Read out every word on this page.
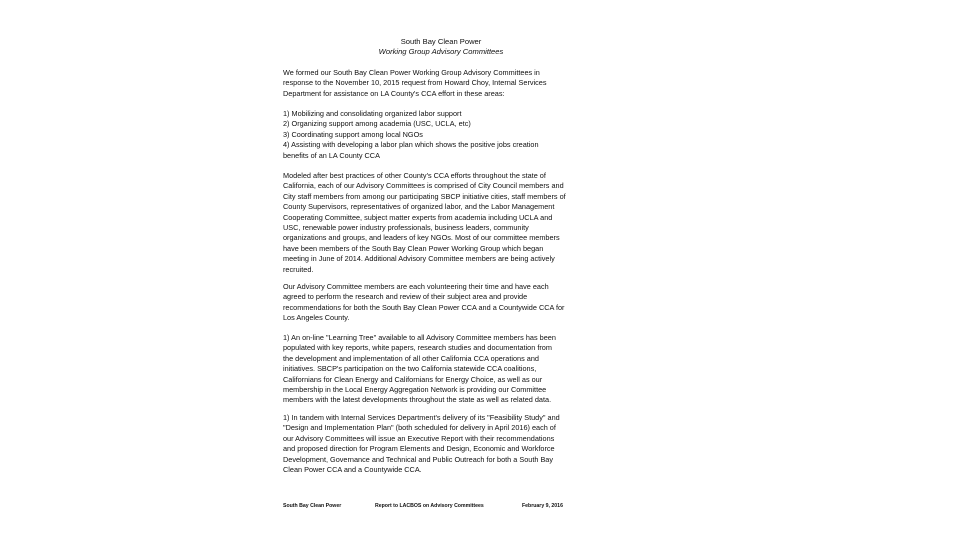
South Bay Clean Power

Working Group Advisory Committees

We formed our South Bay Clean Power Working Group Advisory Committees in
response to the November 10, 2015 request from Howard Choy, Internal Services
Department for assistance on LA County's CCA effort in these areas:
1) Mobilizing and consolidating organized labor support
2) Organizing support among academia (USC, UCLA, etc)
3) Coordinating support among local NGOs
4) Assisting with developing a labor plan which shows the positive jobs creation
benefits of an LA County CCA
Modeled after best practices of other County's CCA efforts throughout the state of
California, each of our Advisory Committees is comprised of City Council members and
City staff members from among our participating SBCP initiative cities, staff members of
County Supervisors, representatives of organized labor, and the Labor Management
Cooperating Committee, subject matter experts from academia including UCLA and
USC, renewable power industry professionals, business leaders, community
organizations and groups, and leaders of key NGOs. Most of our committee members
have been members of the South Bay Clean Power Working Group which began
meeting in June of 2014. Additional Advisory Committee members are being actively
recruited.
Our Advisory Committee members are each volunteering their time and have each
agreed to perform the research and review of their subject area and provide
recommendations for both the South Bay Clean Power CCA and a Countywide CCA for
Los Angeles County.
1) An on-line "Learning Tree" available to all Advisory Committee members has been
populated with key reports, white papers, research studies and documentation from
the development and implementation of all other California CCA operations and
initiatives. SBCP's participation on the two California statewide CCA coalitions,
Californians for Clean Energy and Californians for Energy Choice, as well as our
membership in the Local Energy Aggregation Network is providing our Committee
members with the latest developments throughout the state as well as related data.
1) In tandem with Internal Services Department's delivery of its "Feasibility Study" and
"Design and Implementation Plan" (both scheduled for delivery in April 2016) each of
our Advisory Committees will issue an Executive Report with their recommendations
and proposed direction for Program Elements and Design, Economic and Workforce
Development, Governance and Technical and Public Outreach for both a South Bay
Clean Power CCA and a Countywide CCA.
South Bay Clean Power	Report to LACBOS on Advisory Committees	February 9, 2016
